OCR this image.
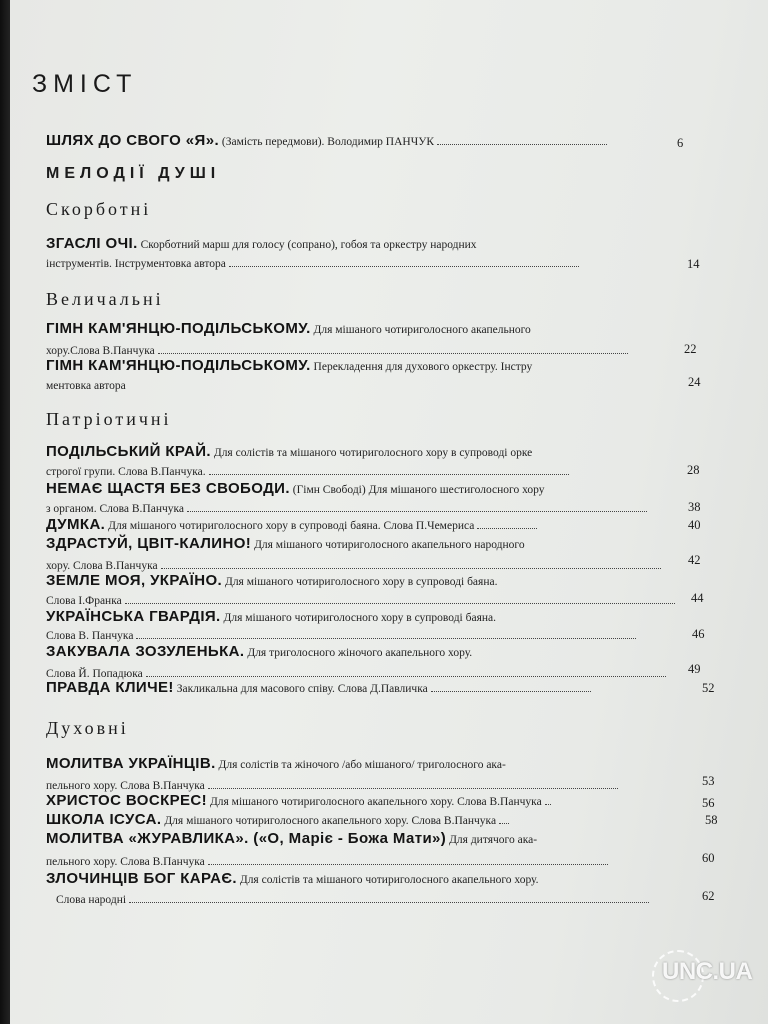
ЗМІСТ
ШЛЯХ ДО СВОГО «Я». (Замість передмови). Володимир ПАНЧУК	6
МЕЛОДІЇ ДУШІ
Скорботні
ЗГАСЛІ ОЧІ. Скорботний марш для голосу (сопрано), гобоя та оркестру народних
інструментів. Інструментовка автора	14
Величальні
ГІМН КАМ'ЯНЦЮ-ПОДІЛЬСЬКОМУ. Для мішаного чотириголосного акапельного
хору.Слова В.Панчука	22
ГІМН КАМ'ЯНЦЮ-ПОДІЛЬСЬКОМУ. Перекладення для духового оркестру. Інстру
ментовка автора	24
Патріотичні
ПОДІЛЬСЬКИЙ КРАЙ. Для солістів та мішаного чотириголосного хору в супроводі орке
строгої групи. Слова В.Панчука.	28
НЕМАЄ ЩАСТЯ БЕЗ СВОБОДИ. (Гімн Свободі) Для мішаного шестиголосного хору
з органом. Слова В.Панчука	38
ДУМКА. Для мішаного чотириголосного хору в супроводі баяна. Слова П.Чемериса	40
ЗДРАСТУЙ, ЦВІТ-КАЛИНО! Для мішаного чотириголосного акапельного народного
хору. Слова В.Панчука	42
ЗЕМЛЕ МОЯ, УКРАЇНО. Для мішаного чотириголосного хору в супроводі баяна.
Слова І.Франка	44
УКРАЇНСЬКА ГВАРДІЯ. Для мішаного чотириголосного хору в супроводі баяна.
Слова В. Панчука	46
ЗАКУВАЛА ЗОЗУЛЕНЬКА. Для триголосного жіночого акапельного хору.
Слова Й. Попадюка	49
ПРАВДА КЛИЧЕ! Закликальна для масового співу. Слова Д.Павличка	52
Духовні
МОЛИТВА УКРАЇНЦІВ. Для солістів та жіночого /або мішаного/ триголосного ака-
пельного хору. Слова В.Панчука	53
ХРИСТОС ВОСКРЕС! Для мішаного чотириголосного акапельного хору. Слова В.Панчука	56
ШКОЛА ІСУСА. Для мішаного чотириголосного акапельного хору. Слова В.Панчука	58
МОЛИТВА «ЖУРАВЛИКА». («О, Маріє - Божа Мати») Для дитячого ака-
пельного хору. Слова В.Панчука	60
ЗЛОЧИНЦІВ БОГ КАРАЄ. Для солістів та мішаного чотириголосного акапельного хору.
Слова народні	62
UNC.UA
